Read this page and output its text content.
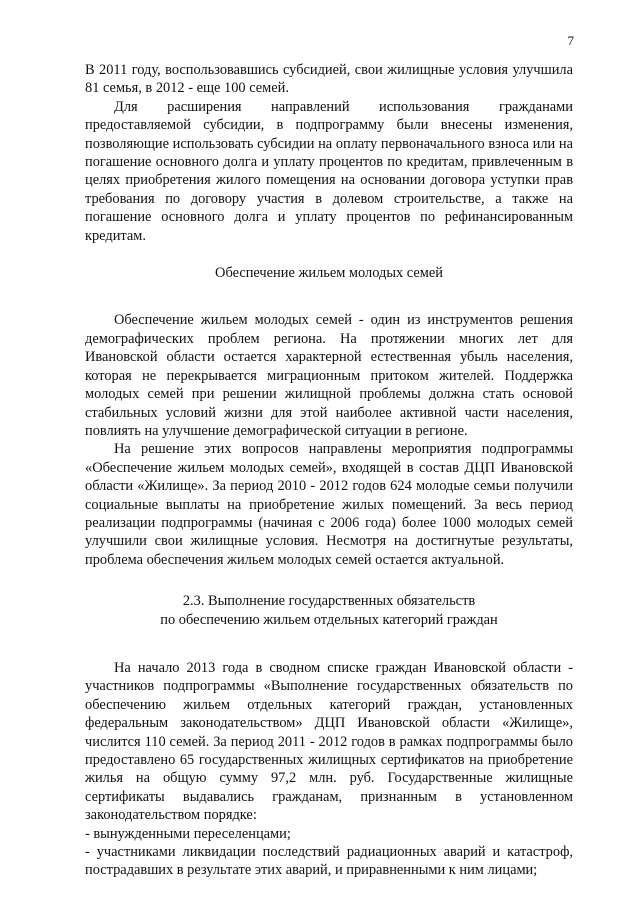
7

В 2011 году, воспользовавшись субсидией, свои жилищные условия улучшила 81 семья, в 2012 - еще 100 семей.

Для расширения направлений использования гражданами предоставляемой субсидии, в подпрограмму были внесены изменения, позволяющие использовать субсидии на оплату первоначального взноса или на погашение основного долга и уплату процентов по кредитам, привлеченным в целях приобретения жилого помещения на основании договора уступки прав требования по договору участия в долевом строительстве, а также на погашение основного долга и уплату процентов по рефинансированным кредитам.

Обеспечение жильем молодых семей

Обеспечение жильем молодых семей - один из инструментов решения демографических проблем региона. На протяжении многих лет для Ивановской области остается характерной естественная убыль населения, которая не перекрывается миграционным притоком жителей. Поддержка молодых семей при решении жилищной проблемы должна стать основой стабильных условий жизни для этой наиболее активной части населения, повлиять на улучшение демографической ситуации в регионе.

На решение этих вопросов направлены мероприятия подпрограммы «Обеспечение жильем молодых семей», входящей в состав ДЦП Ивановской области «Жилище». За период 2010 - 2012 годов 624 молодые семьи получили социальные выплаты на приобретение жилых помещений. За весь период реализации подпрограммы (начиная с 2006 года) более 1000 молодых семей улучшили свои жилищные условия. Несмотря на достигнутые результаты, проблема обеспечения жильем молодых семей остается актуальной.

2.3. Выполнение государственных обязательств

по обеспечению жильем отдельных категорий граждан

На начало 2013 года в сводном списке граждан Ивановской области - участников подпрограммы «Выполнение государственных обязательств по обеспечению жильем отдельных категорий граждан, установленных федеральным законодательством» ДЦП Ивановской области «Жилище», числится 110 семей. За период 2011 - 2012 годов в рамках подпрограммы было предоставлено 65 государственных жилищных сертификатов на приобретение жилья на общую сумму 97,2 млн. руб. Государственные жилищные сертификаты выдавались гражданам, признанным в установленном законодательством порядке:

- вынужденными переселенцами;

- участниками ликвидации последствий радиационных аварий и катастроф, пострадавших в результате этих аварий, и приравненными к ним лицами;
